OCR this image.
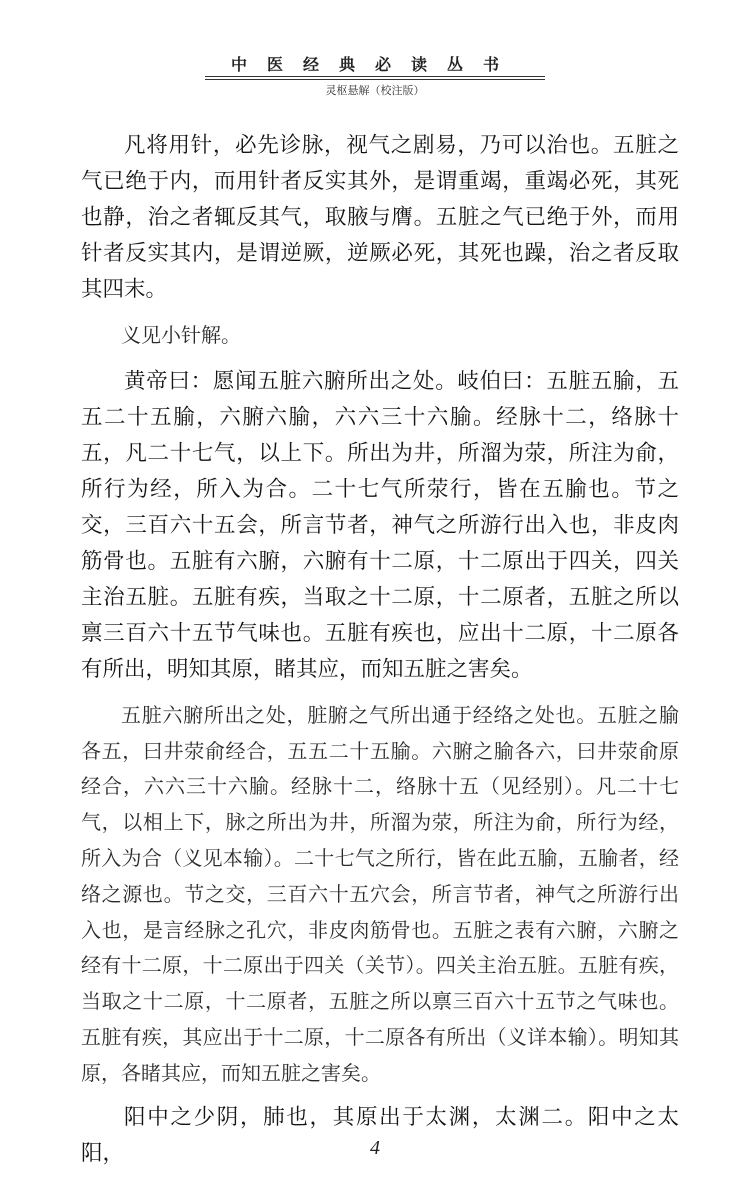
中医经典必读丛书
灵枢悬解（校注版）

凡将用针，必先诊脉，视气之剧易，乃可以治也。五脏之气已绝于内，而用针者反实其外，是谓重竭，重竭必死，其死也静，治之者辄反其气，取腋与膺。五脏之气已绝于外，而用针者反实其内，是谓逆厥，逆厥必死，其死也躁，治之者反取其四末。

义见小针解。

黄帝曰：愿闻五脏六腑所出之处。岐伯曰：五脏五腧，五五二十五腧，六腑六腧，六六三十六腧。经脉十二，络脉十五，凡二十七气，以上下。所出为井，所溜为荥，所注为俞，所行为经，所入为合。二十七气所荥行，皆在五腧也。节之交，三百六十五会，所言节者，神气之所游行出入也，非皮肉筋骨也。五脏有六腑，六腑有十二原，十二原出于四关，四关主治五脏。五脏有疾，当取之十二原，十二原者，五脏之所以禀三百六十五节气味也。五脏有疾也，应出十二原，十二原各有所出，明知其原，睹其应，而知五脏之害矣。

五脏六腑所出之处，脏腑之气所出通于经络之处也。五脏之腧各五，曰井荥俞经合，五五二十五腧。六腑之腧各六，曰井荥俞原经合，六六三十六腧。经脉十二，络脉十五（见经别）。凡二十七气，以相上下，脉之所出为井，所溜为荥，所注为俞，所行为经，所入为合（义见本输）。二十七气之所行，皆在此五腧，五腧者，经络之源也。节之交，三百六十五穴会，所言节者，神气之所游行出入也，是言经脉之孔穴，非皮肉筋骨也。五脏之表有六腑，六腑之经有十二原，十二原出于四关（关节）。四关主治五脏。五脏有疾，当取之十二原，十二原者，五脏之所以禀三百六十五节之气味也。五脏有疾，其应出于十二原，十二原各有所出（义详本输）。明知其原，各睹其应，而知五脏之害矣。

阳中之少阴，肺也，其原出于太渊，太渊二。阳中之太阳，	4
